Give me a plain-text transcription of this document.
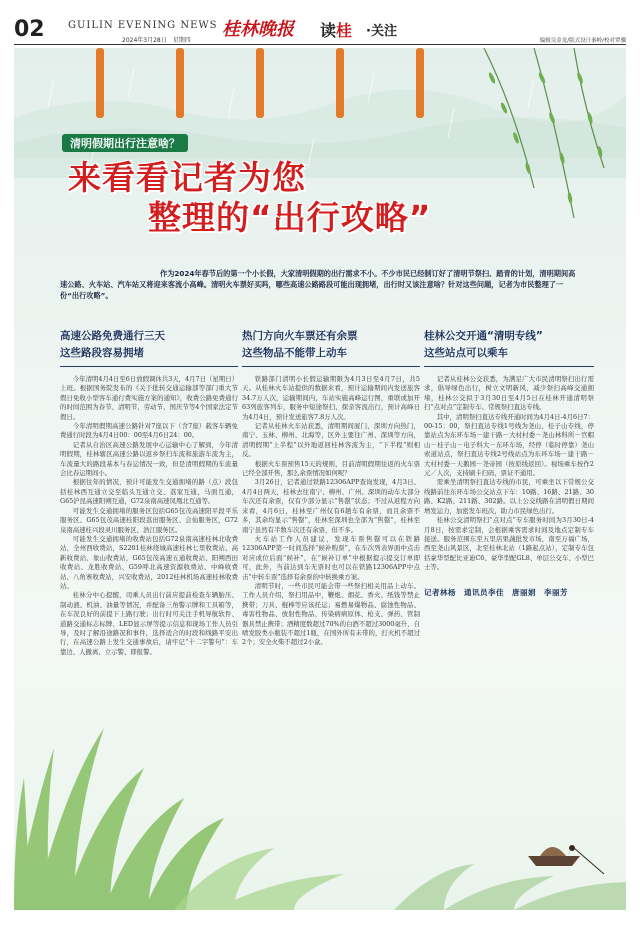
02 GUILIN EVENING NEWS
2024年3月28日　星期四
桂林晚报 读桂 ·关注
编辑吴金龙/版式设计秦岭/校对覃骥
清明假期出行注意啥？
来看看记者为您
整理的“出行攻略”
作为2024年春节后的第一个小长假，大家清明假期的出行需求不小。不少市民已经制订好了清明节祭扫、踏青的计划，清明期间高速公路、火车站、汽车站又将迎来客流小高峰。清明火车票好买吗，哪些高速公路路段可能出现拥堵，出行时又该注意啥？针对这些问题，记者为市民整理了一份“出行攻略”。
高速公路免费通行三天
这些路段容易拥堵

今年清明4月4日至6日放假调休共3天，4月7日（星期日）上班。根据国务院发布的《关于批转交通运输部等部门重大节假日免收小型客车通行费实施方案的通知》，收费公路免费通行的时间范围为春节、清明节、劳动节、国庆节等4个国家法定节假日。

今年清明假期高速公路针对7座以下（含7座）载客车辆免费通行时段为4月4日00：00至4月6日24：00。

记者从自治区高速公路发展中心运输中心了解到，今年清明假期，桂林辖区高速公路以返乡祭扫车流和旅游车流为主，车流量大的路段基本与春运情况一致，但是清明假期的车流量会比春运期间小。

根据往年的情况，预计可能发生交通拥堵的路（点）段包括桂林西互通立交至临头互通立交、荔家互通、马面互通，G65沪昆高速阳朔互通，G72泉南高速凤凰北互通等。

可能发生交通拥堵的服务区包括G65包茂高速阳平段平乐服务区、G65包茂高速桂阳段荔田服务区、会仙服务区，G72泉南高速桂兴段灵川服务区、浩江服务区。

可能发生交通拥堵的收费站包括G72泉南高速桂林北收费站、全州西收费站，S2201桂林绕城高速桂林七里收费站、高新收费站、象山收费站，G65包茂高速五通收费站、阳朔西田收费站、龙胜收费站、G59呼北高速资源收费站、中峰收费站、八角寨收费站，兴安收费站，2012桂林机场高速桂林收费站。

桂林分中心提醒，司乘人员出行前应提前检查车辆胎压、制动液、机油、油量等情况，并配备三角警示牌和工具箱等，在车况良好的前提下上路行驶；出行时可关注手机导航软件、道路交通标志标牌、LED显示屏等提示信息和现场工作人员引导，及时了解沿途路况和事件，选择适合的时段和线路平安出行，在高速公路上发生交通事故后，请牢记“十二字警句”：车靠边、人撤离、立示警、即报警。

热门方向火车票还有余票
这些物品不能带上动车

铁路部门清明小长假运输期限为4月3日至4月7日，共5天。从桂林火车站提供的数据来看，预计运输期间内发送旅客34.7万人次，运输期间内，车站实施高峰运行图，重联或加开63列旅客列车，服务中短途祭扫、探亲客流出行，预计高峰日为4月4日，预计发送旅客7.8万人次。

记者从桂林火车站获悉，清明期间厦门、深圳方向热门，南宁、玉林、柳州、北海等，区外主要往广州、深圳等方向，清明假期“上半程”以外地返回桂林客流为主，“下半程”则相反。

根据火车票预售15天的规则，目前清明假期往返的火车票已经全部开售，那么余票情况如何呢？

3月26日，记者通过铁路12306APP查询发现，4月3日、4月4日两天，桂林去往南宁、柳州、广州、深圳的动车大部分车次还有余票，仅有少部分显示“售罄”状态；不过从返程方向来看，4月6日，桂林至广州仅有6趟车有余票，而且余票不多，其余均显示“售罄”，桂林至深圳也全部为“售罄”，桂林至南宁虽然有半数车次还有余票，但不多。

火车站工作人员建议，发现车票售罄可以在铁路12306APP第一时间选择“候补购票”，在车次列表界面中点击对应或位后面“候补”，在“候补订单”中根据提示提交订单即可，此外，当前达到车无票时也可以在铁路12306APP中点击“中转车票”选择有余票的中转换乘方案。

清明节时，一些市民可能会带一些祭扫相关用品上动车。工作人员介绍，祭扫用品中，鞭炮、烟花、香火、纸钱等禁止携带；刀具、棍棒等应该托运；易燃易爆物品、腐蚀性物品、毒害性物品、放射性物品、传染病病原体、枪支、弹药、管制器具禁止携带；酒精度数超过70%的白酒不超过3000毫升、自喷发胶类小瓶装不超过1瓶，在国外所有未带的，打火机不超过2个；安全火柴不超过2小盒。

桂林公交开通“清明专线”
这些站点可以乘车

记者从桂林公交获悉，为满足广大市民清明祭扫出行需求，倡导绿色出行，树立文明新风，减少祭扫高峰交通拥堵，桂林公交拟于3月30日至4月5日在桂林开通清明祭扫“点对点”定制专车、常规祭扫直达专线。

其中，清明祭扫直达专线开通时间为4月4日-4月6日7：00-15：00，祭扫直达专线1号线为尧山、桂子山专线，停靠站点为东环车场－建干路－大村村委－尧山林科所－官帽山－桂子山－电子科大－东环车场，经停（临时停靠）尧山索道站点，祭扫直达专线2号线站点为东环车场－建干路－大村村委－天鹅园－尧帝园（按原线返回）。视场乘车按作2元／人次，支持刷卡扫码，票证不通用。

需乘坐清明祭扫直达专线的市民，可乘坐以下常规公交线路前往东环车场公交站点下车：10路、16路、21路、30路、K2路、211路、302路。以上公交线路在清明假日期间增发运力，加密发车班次，助力市民绿色出行。

桂林公交清明祭扫“点对点”专车服务时间为3月30日-4月8日，按需求定制，会根据乘客需求时间及地点定制专车接送。服务范围东至五里店果蔬批发市场，南至万福广场，西至尧山风景区，北至桂林北站（1路起点站），定制专车包括豪华型配比亚迪C6、豪华型配GL8、单层公交车、小型巴士等。

记者林杨　通讯员李佳　唐丽娟　李丽芳
